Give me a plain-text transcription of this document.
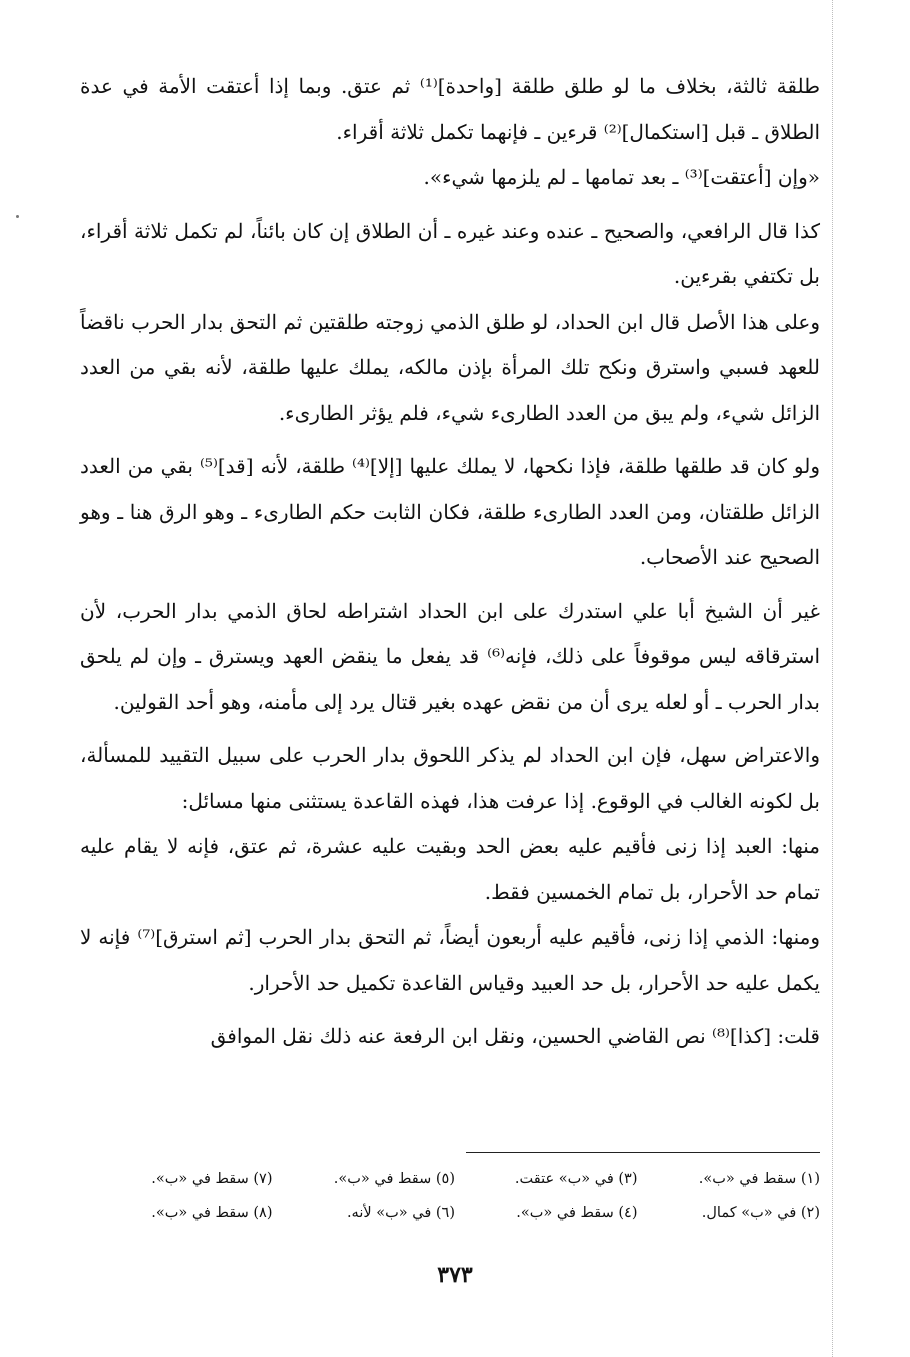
طلقة ثالثة، بخلاف ما لو طلق طلقة [واحدة]⁽¹⁾ ثم عتق. وبما إذا أعتقت الأمة في عدة الطلاق ـ قبل [استكمال]⁽²⁾ قرءين ـ فإنهما تكمل ثلاثة أقراء.

«وإن [أعتقت]⁽³⁾ ـ بعد تمامها ـ لم يلزمها شيء».

كذا قال الرافعي، والصحيح ـ عنده وعند غيره ـ أن الطلاق إن كان بائناً، لم تكمل ثلاثة أقراء، بل تكتفي بقرءين.

وعلى هذا الأصل قال ابن الحداد، لو طلق الذمي زوجته طلقتين ثم التحق بدار الحرب ناقضاً للعهد فسبي واسترق ونكح تلك المرأة بإذن مالكه، يملك عليها طلقة، لأنه بقي من العدد الزائل شيء، ولم يبق من العدد الطارىء شيء، فلم يؤثر الطارىء.

ولو كان قد طلقها طلقة، فإذا نكحها، لا يملك عليها [إلا]⁽⁴⁾ طلقة، لأنه [قد]⁽⁵⁾ بقي من العدد الزائل طلقتان، ومن العدد الطارىء طلقة، فكان الثابت حكم الطارىء ـ وهو الرق هنا ـ وهو الصحيح عند الأصحاب.

غير أن الشيخ أبا علي استدرك على ابن الحداد اشتراطه لحاق الذمي بدار الحرب، لأن استرقاقه ليس موقوفاً على ذلك، فإنه⁽⁶⁾ قد يفعل ما ينقض العهد ويسترق ـ وإن لم يلحق بدار الحرب ـ أو لعله يرى أن من نقض عهده بغير قتال يرد إلى مأمنه، وهو أحد القولين.

والاعتراض سهل، فإن ابن الحداد لم يذكر اللحوق بدار الحرب على سبيل التقييد للمسألة، بل لكونه الغالب في الوقوع. إذا عرفت هذا، فهذه القاعدة يستثنى منها مسائل:

منها: العبد إذا زنى فأقيم عليه بعض الحد وبقيت عليه عشرة، ثم عتق، فإنه لا يقام عليه تمام حد الأحرار، بل تمام الخمسين فقط.

ومنها: الذمي إذا زنى، فأقيم عليه أربعون أيضاً، ثم التحق بدار الحرب [ثم استرق]⁽⁷⁾ فإنه لا يكمل عليه حد الأحرار، بل حد العبيد وقياس القاعدة تكميل حد الأحرار.

قلت: [كذا]⁽⁸⁾ نص القاضي الحسين، ونقل ابن الرفعة عنه ذلك نقل الموافق

(١) سقط في «ب».
(٣) في «ب» عتقت.
(٥) سقط في «ب».
(٧) سقط في «ب».
(٢) في «ب» كمال.
(٤) سقط في «ب».
(٦) في «ب» لأنه.
(٨) سقط في «ب».
٣٧٣
